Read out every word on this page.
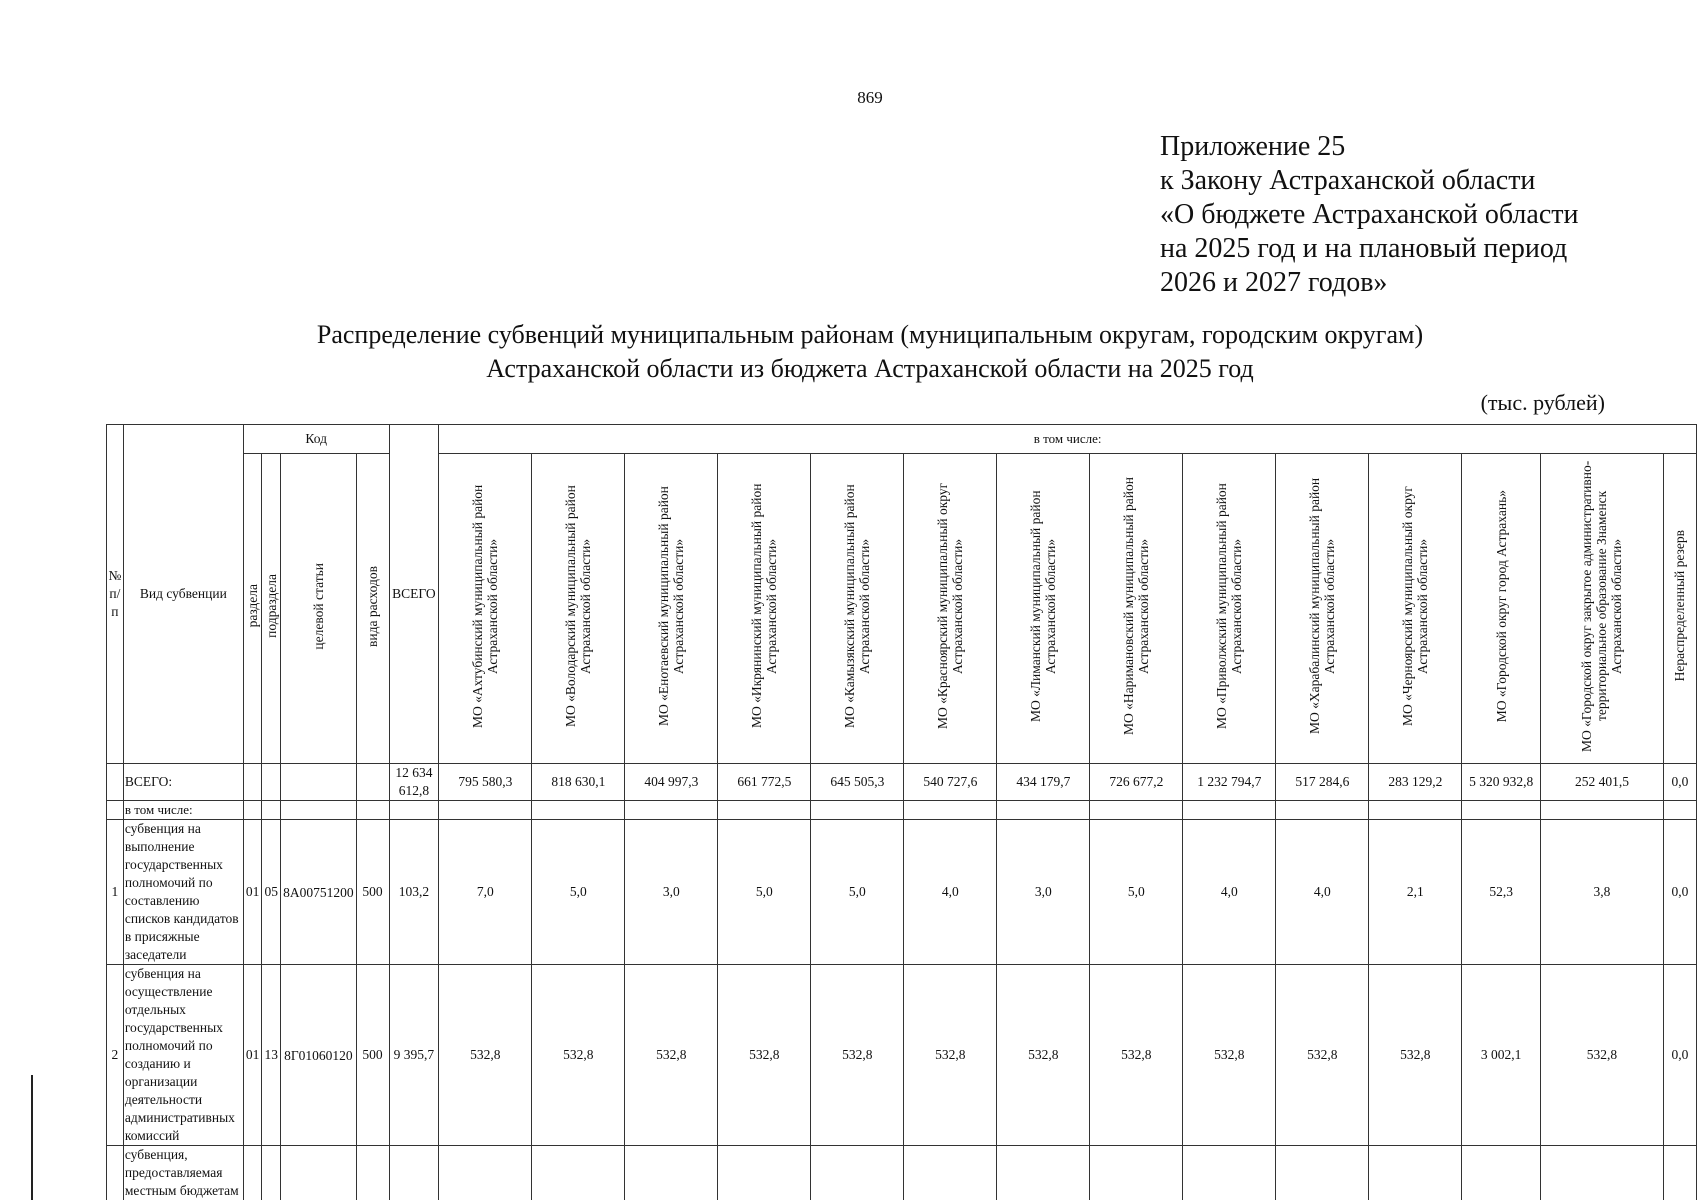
869
Приложение 25
к Закону Астраханской области
«О бюджете Астраханской области
на 2025 год и на плановый период
2026 и 2027 годов»
Распределение субвенций муниципальным районам (муниципальным округам, городским округам)
Астраханской области из бюджета Астраханской области на 2025 год
(тыс. рублей)
№ п/п	Вид субвенции	Код				ВСЕГО	в том числе:													
		раздела	подраздела	целевой статьи	вида расходов		МО «Ахтубинский муниципальный район Астраханской области»	МО «Володарский муниципальный район Астраханской области»	МО «Енотаевский муниципальный район Астраханской области»	МО «Икрянинский муниципальный район Астраханской области»	МО «Камызякский муниципальный район Астраханской области»	МО «Красноярский муниципальный округ Астраханской области»	МО «Лиманский муниципальный район Астраханской области»	МО «Наримановский муниципальный район Астраханской области»	МО «Приволжский муниципальный район Астраханской области»	МО «Харабалинский муниципальный район Астраханской области»	МО «Черноярский муниципальный округ Астраханской области»	МО «Городской округ город Астрахань»	МО «Городской округ закрытое административно-территориальное образование Знаменск Астраханской области»	Нераспределенный резерв
	ВСЕГО:					12 634 612,8	795 580,3	818 630,1	404 997,3	661 772,5	645 505,3	540 727,6	434 179,7	726 677,2	1 232 794,7	517 284,6	283 129,2	5 320 932,8	252 401,5	0,0
	в том числе:																			
1	субвенция на выполнение государственных полномочий по составлению списков кандидатов в присяжные заседатели	01	05	8А00751200	500	103,2	7,0	5,0	3,0	5,0	5,0	4,0	3,0	5,0	4,0	4,0	2,1	52,3	3,8	0,0
2	субвенция на осуществление отдельных государственных полномочий по созданию и организации деятельности административных комиссий	01	13	8Г01060120	500	9 395,7	532,8	532,8	532,8	532,8	532,8	532,8	532,8	532,8	532,8	532,8	532,8	3 002,1	532,8	0,0
	субвенция, предоставляемая местным бюджетам			
